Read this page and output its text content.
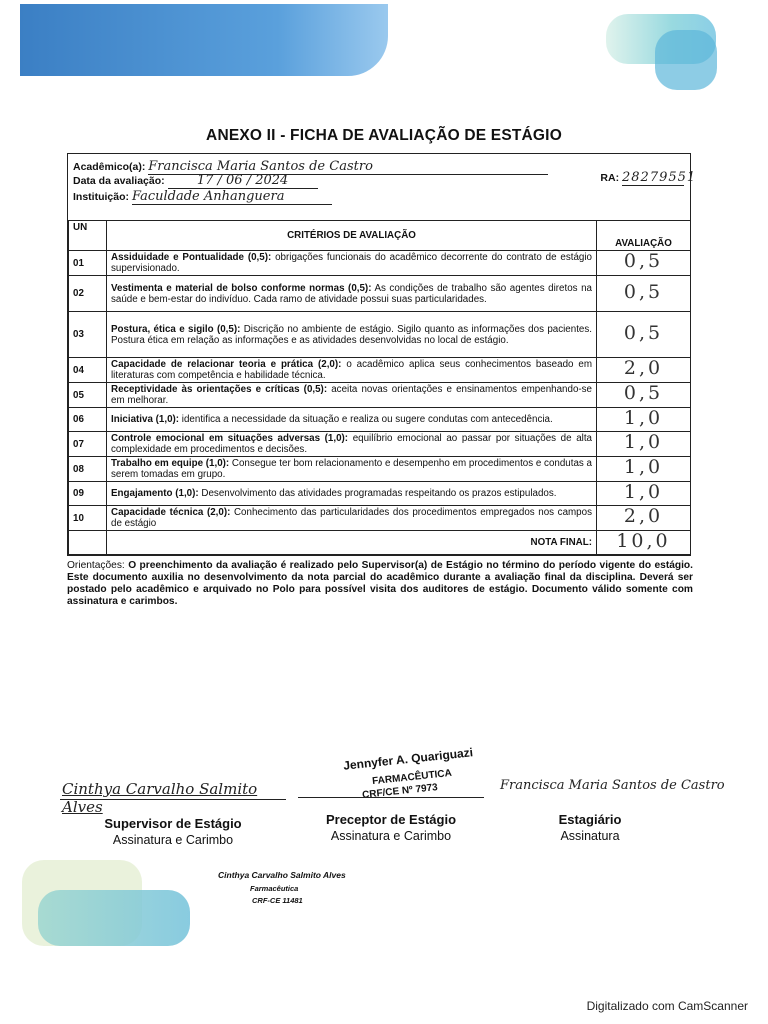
ANEXO II - FICHA DE AVALIAÇÃO DE ESTÁGIO
Acadêmico(a): Francisca Maria Santos de Castro
Data da avaliação: 17 / 06 / 2024
Instituição: Faculdade Anhanguera
RA: 28279551
UN	CRITÉRIOS DE AVALIAÇÃO	AVALIAÇÃO
01	Assiduidade e Pontualidade (0,5): obrigações funcionais do acadêmico decorrente do contrato de estágio supervisionado.	0,5
02	Vestimenta e material de bolso conforme normas (0,5): As condições de trabalho são agentes diretos na saúde e bem-estar do indivíduo. Cada ramo de atividade possui suas particularidades.	0,5
03	Postura, ética e sigilo (0,5): Discrição no ambiente de estágio. Sigilo quanto as informações dos pacientes. Postura ética em relação as informações e as atividades desenvolvidas no local de estágio.	0,5
04	Capacidade de relacionar teoria e prática (2,0): o acadêmico aplica seus conhecimentos baseado em literaturas com competência e habilidade técnica.	2,0
05	Receptividade às orientações e críticas (0,5): aceita novas orientações e ensinamentos empenhando-se em melhorar.	0,5
06	Iniciativa (1,0): identifica a necessidade da situação e realiza ou sugere condutas com antecedência.	1,0
07	Controle emocional em situações adversas (1,0): equilíbrio emocional ao passar por situações de alta complexidade em procedimentos e decisões.	1,0
08	Trabalho em equipe (1,0): Consegue ter bom relacionamento e desempenho em procedimentos e condutas a serem tomadas em grupo.	1,0
09	Engajamento (1,0): Desenvolvimento das atividades programadas respeitando os prazos estipulados.	1,0
10	Capacidade técnica (2,0): Conhecimento das particularidades dos procedimentos empregados nos campos de estágio	2,0
	NOTA FINAL:	10,0
Orientações: O preenchimento da avaliação é realizado pelo Supervisor(a) de Estágio no término do período vigente do estágio. Este documento auxilia no desenvolvimento da nota parcial do acadêmico durante a avaliação final da disciplina. Deverá ser postado pelo acadêmico e arquivado no Polo para possível visita dos auditores de estágio. Documento válido somente com assinatura e carimbos.
Cinthya Carvalho Salmito Alves
Supervisor de Estágio
Assinatura e Carimbo
Jennyfer A. Quariguazi
FARMACÊUTICA
CRF/CE Nº 7973
Preceptor de Estágio
Assinatura e Carimbo
Francisca Maria Santos de Castro
Estagiário
Assinatura
Cinthya Carvalho Salmito Alves
Farmacêutica
CRF-CE 11481
Digitalizado com CamScanner
